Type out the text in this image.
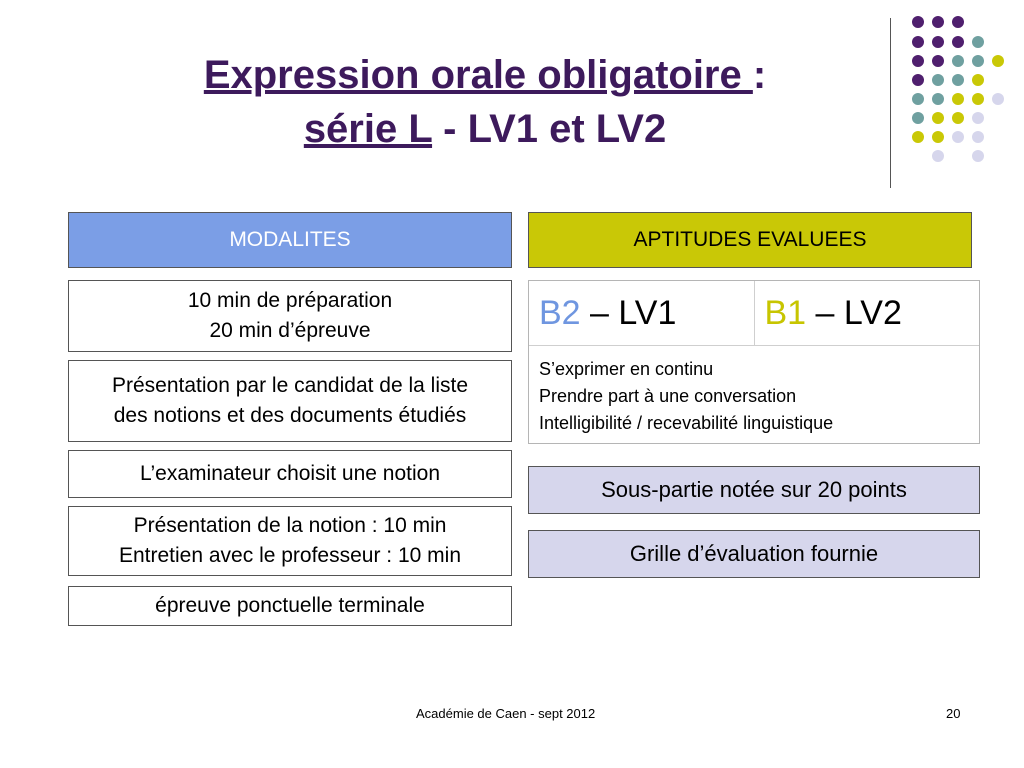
Expression orale obligatoire :
série L - LV1 et LV2
MODALITES
10 min de préparation
20 min d’épreuve
Présentation par le candidat de la liste
des notions et des documents étudiés
L’examinateur choisit une notion
Présentation de la notion : 10 min
Entretien avec le professeur : 10 min
épreuve ponctuelle terminale
APTITUDES EVALUEES
B2 – LV1	B1 – LV2
S’exprimer en continu
Prendre part à une conversation
Intelligibilité / recevabilité linguistique
Sous-partie notée sur 20 points
Grille d’évaluation fournie
Académie de Caen - sept 2012	20
